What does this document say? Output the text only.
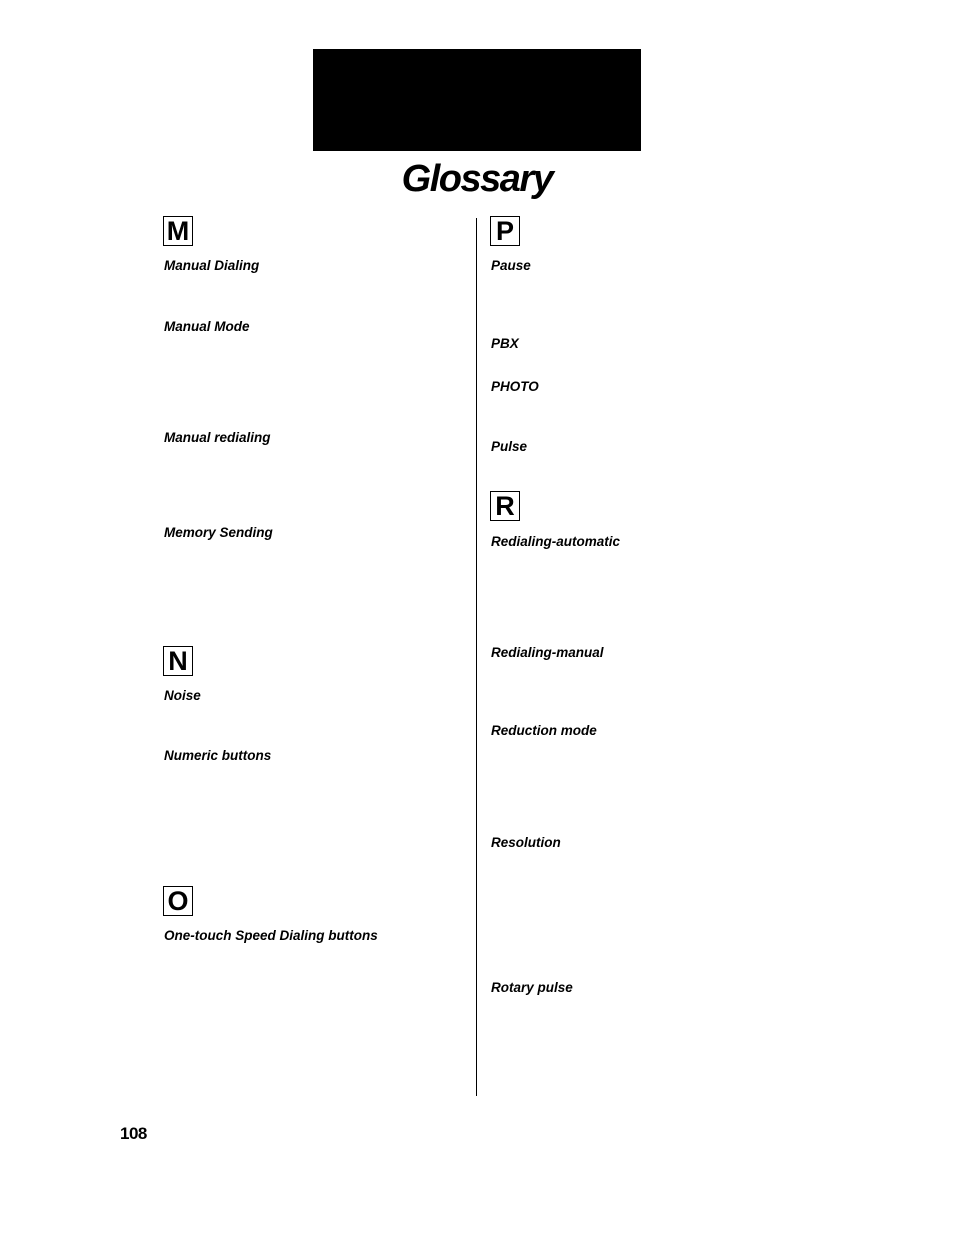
Glossary
M
Manual Dialing
Manual Mode
Manual redialing
Memory Sending
N
Noise
Numeric buttons
O
One-touch Speed Dialing buttons
P
Pause
PBX
PHOTO
Pulse
R
Redialing-automatic
Redialing-manual
Reduction mode
Resolution
Rotary pulse
108
